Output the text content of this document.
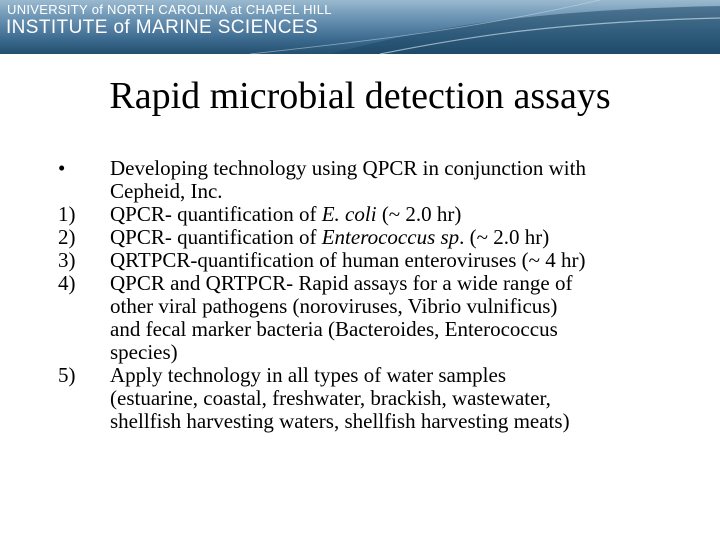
UNIVERSITY of NORTH CAROLINA at CHAPEL HILL
INSTITUTE of MARINE SCIENCES
Rapid microbial detection assays
•	Developing technology using QPCR in conjunction with
Cepheid, Inc.
1)	QPCR- quantification of E. coli (~ 2.0 hr)
2)	QPCR- quantification of Enterococcus sp. (~ 2.0 hr)
3)	QRTPCR-quantification of human enteroviruses (~ 4 hr)
4)	QPCR and QRTPCR- Rapid assays for a wide range of
other viral pathogens (noroviruses, Vibrio vulnificus)
and fecal marker bacteria (Bacteroides, Enterococcus
species)
5)	Apply technology in all types of water samples
(estuarine, coastal, freshwater, brackish, wastewater,
shellfish harvesting waters, shellfish harvesting meats)
